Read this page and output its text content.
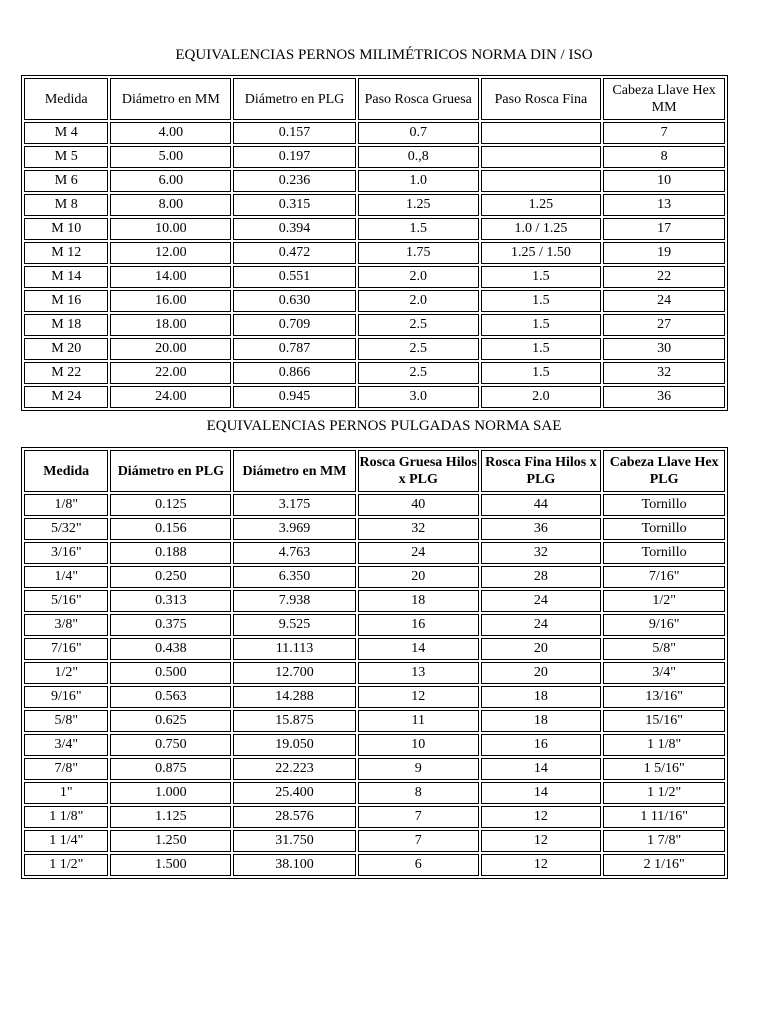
EQUIVALENCIAS PERNOS MILIMÉTRICOS NORMA DIN / ISO
Medida	Diámetro en MM	Diámetro en PLG	Paso Rosca Gruesa	Paso Rosca Fina	Cabeza Llave Hex MM
M 4	4.00	0.157	0.7		7
M 5	5.00	0.197	0.,8		8
M 6	6.00	0.236	1.0		10
M 8	8.00	0.315	1.25	1.25	13
M 10	10.00	0.394	1.5	1.0 / 1.25	17
M 12	12.00	0.472	1.75	1.25 / 1.50	19
M 14	14.00	0.551	2.0	1.5	22
M 16	16.00	0.630	2.0	1.5	24
M 18	18.00	0.709	2.5	1.5	27
M 20	20.00	0.787	2.5	1.5	30
M 22	22.00	0.866	2.5	1.5	32
M 24	24.00	0.945	3.0	2.0	36
EQUIVALENCIAS PERNOS PULGADAS NORMA SAE
Medida	Diámetro en PLG	Diámetro en MM	Rosca Gruesa Hilos x PLG	Rosca Fina Hilos x PLG	Cabeza Llave Hex PLG
1/8"	0.125	3.175	40	44	Tornillo
5/32"	0.156	3.969	32	36	Tornillo
3/16"	0.188	4.763	24	32	Tornillo
1/4"	0.250	6.350	20	28	7/16"
5/16"	0.313	7.938	18	24	1/2"
3/8"	0.375	9.525	16	24	9/16"
7/16"	0.438	11.113	14	20	5/8"
1/2"	0.500	12.700	13	20	3/4"
9/16"	0.563	14.288	12	18	13/16"
5/8"	0.625	15.875	11	18	15/16"
3/4"	0.750	19.050	10	16	1 1/8"
7/8"	0.875	22.223	9	14	1 5/16"
1"	1.000	25.400	8	14	1 1/2"
1 1/8"	1.125	28.576	7	12	1 11/16"
1 1/4"	1.250	31.750	7	12	1 7/8"
1 1/2"	1.500	38.100	6	12	2 1/16"
